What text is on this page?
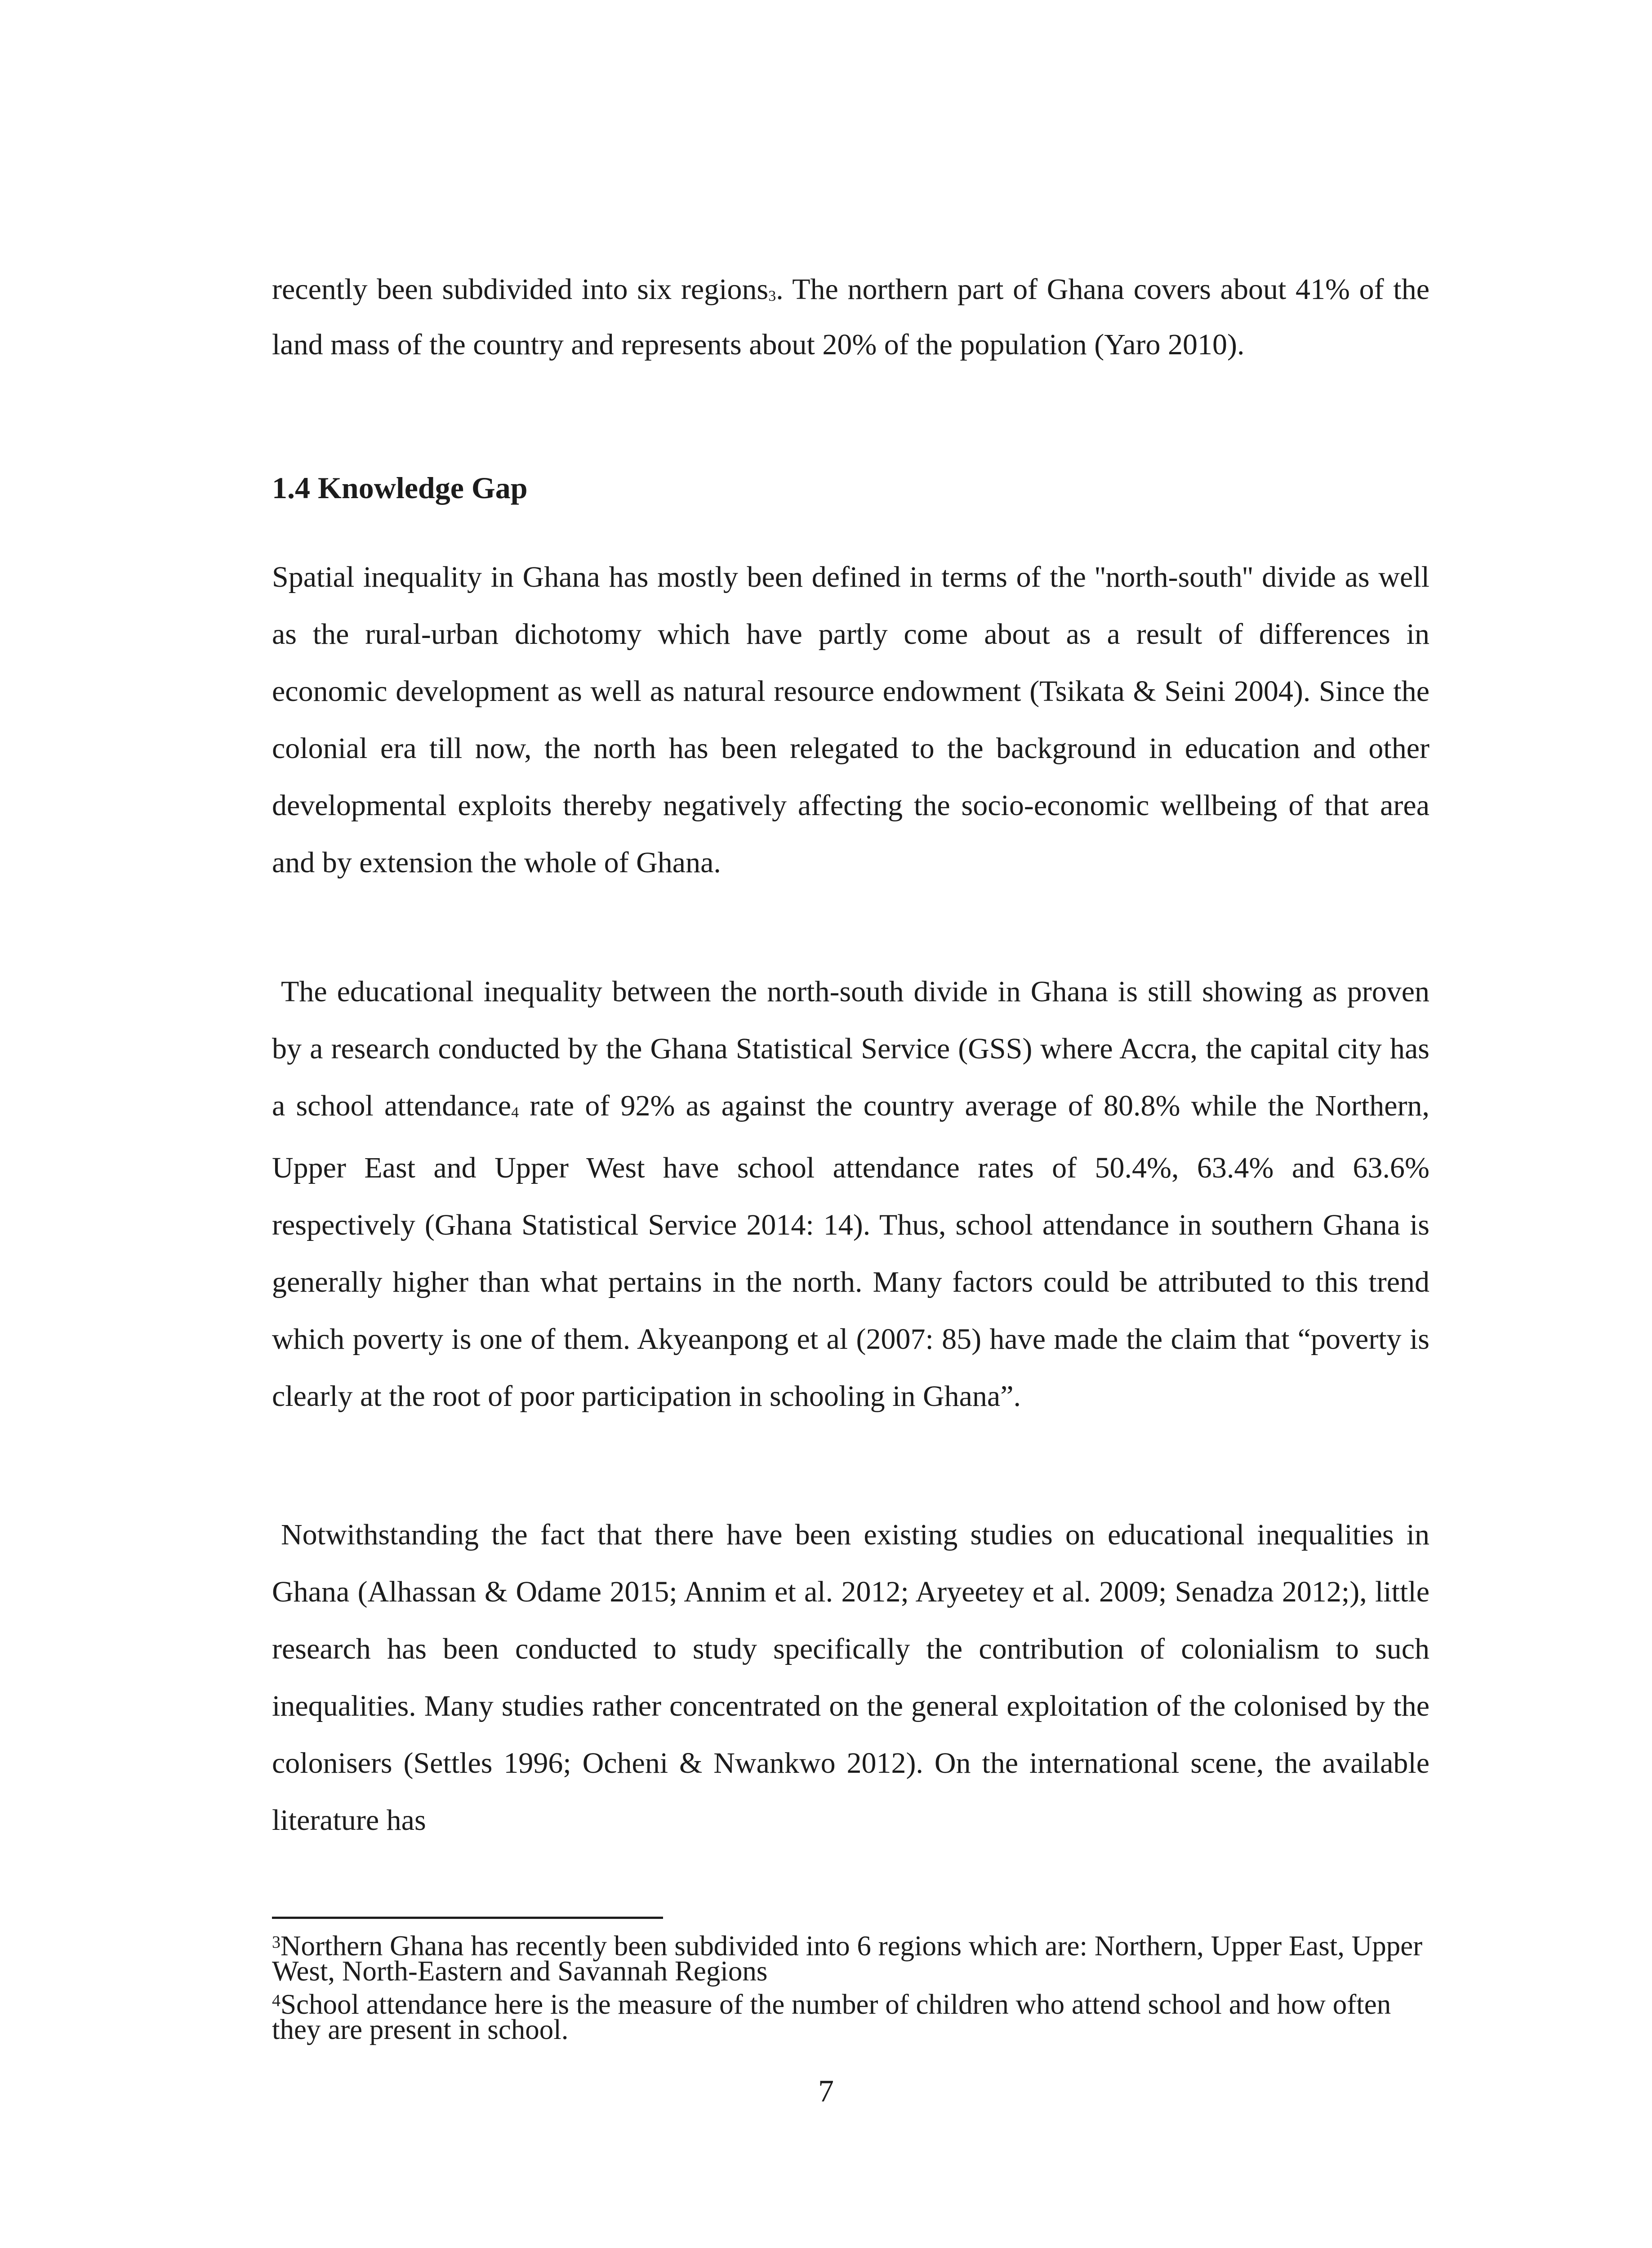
recently been subdivided into six regions$_3$. The northern part of Ghana covers about 41% of the land mass of the country and represents about 20% of the population (Yaro 2010).
1.4 Knowledge Gap
Spatial inequality in Ghana has mostly been defined in terms of the ''north-south'' divide as well as the rural-urban dichotomy which have partly come about as a result of differences in economic development as well as natural resource endowment (Tsikata & Seini 2004). Since the colonial era till now, the north has been relegated to the background in education and other developmental exploits thereby negatively affecting the socio-economic wellbeing of that area and by extension the whole of Ghana.
The educational inequality between the north-south divide in Ghana is still showing as proven by a research conducted by the Ghana Statistical Service (GSS) where Accra, the capital city has a school attendance$_4$ rate of 92% as against the country average of 80.8% while the Northern, Upper East and Upper West have school attendance rates of 50.4%, 63.4% and 63.6% respectively (Ghana Statistical Service 2014: 14). Thus, school attendance in southern Ghana is generally higher than what pertains in the north. Many factors could be attributed to this trend which poverty is one of them. Akyeanpong et al (2007: 85) have made the claim that “poverty is clearly at the root of poor participation in schooling in Ghana”.
Notwithstanding the fact that there have been existing studies on educational inequalities in Ghana (Alhassan & Odame 2015; Annim et al. 2012; Aryeetey et al. 2009; Senadza 2012;), little research has been conducted to study specifically the contribution of colonialism to such inequalities. Many studies rather concentrated on the general exploitation of the colonised by the colonisers (Settles 1996; Ocheni & Nwankwo 2012). On the international scene, the available literature has
$^3$Northern Ghana has recently been subdivided into 6 regions which are: Northern, Upper East, Upper West, North-Eastern and Savannah Regions
$^4$School attendance here is the measure of the number of children who attend school and how often they are present in school.
7
